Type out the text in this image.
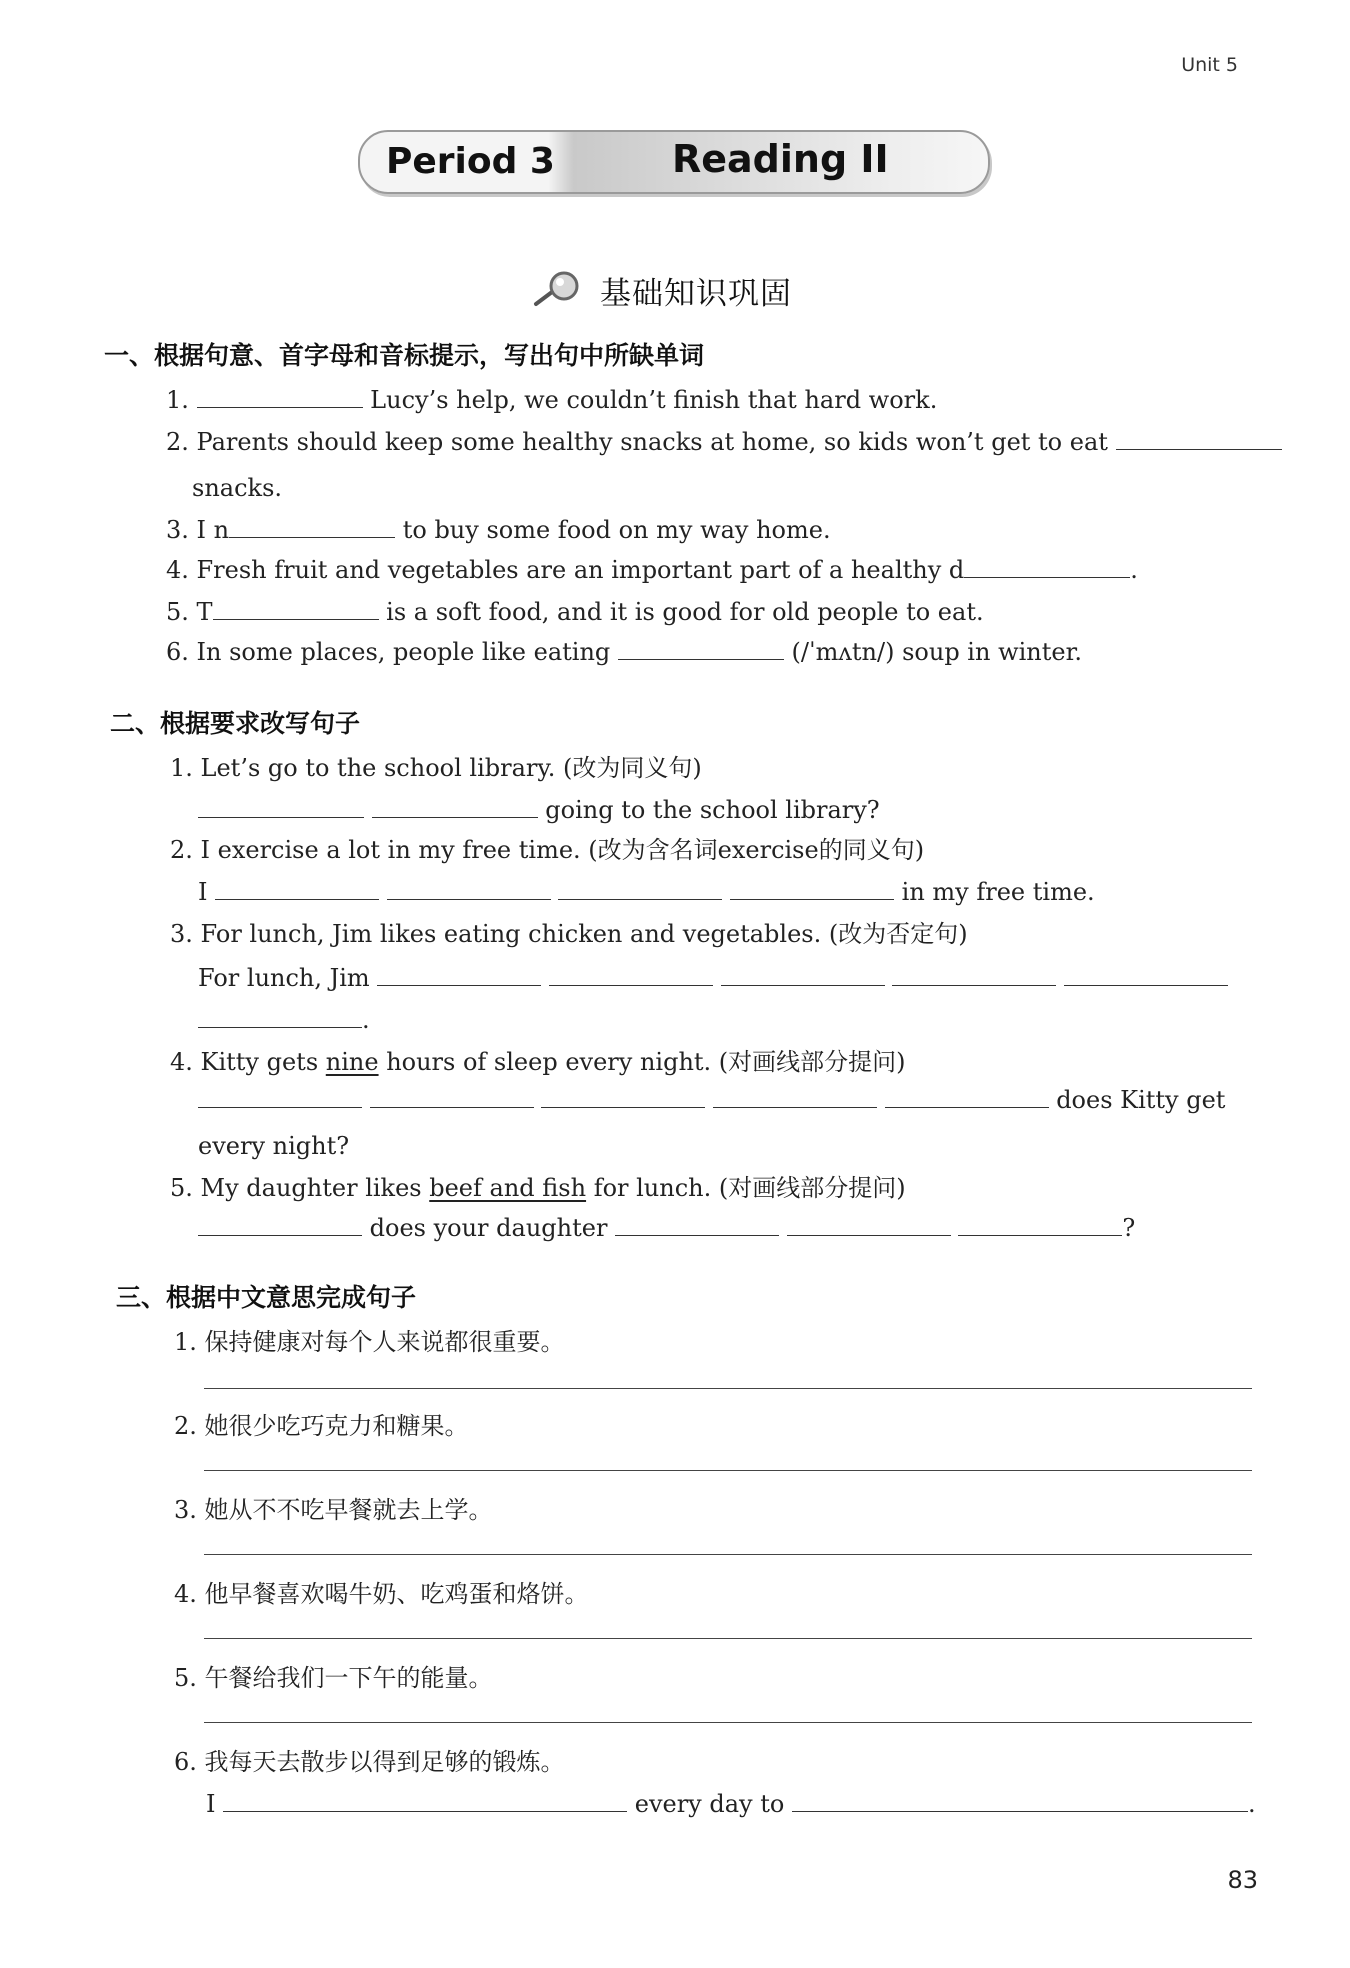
Unit 5
Period 3	Reading II
基础知识巩固
一、根据句意、首字母和音标提示，写出句中所缺单词
1.	Lucy’s help, we couldn’t finish that hard work.
2. Parents should keep some healthy snacks at home, so kids won’t get to eat
snacks.
3. I n	to buy some food on my way home.
4. Fresh fruit and vegetables are an important part of a healthy d	.
5. T	is a soft food, and it is good for old people to eat.
6. In some places, people like eating	(/ˈmʌtn/) soup in winter.
二、根据要求改写句子
1. Let’s go to the school library. (改为同义句)
going to the school library?
2. I exercise a lot in my free time. (改为含名词exercise的同义句)
I	in my free time.
3. For lunch, Jim likes eating chicken and vegetables. (改为否定句)
For lunch, Jim
.
4. Kitty gets nine hours of sleep every night. (对画线部分提问)
does Kitty get
every night?
5. My daughter likes beef and fish for lunch. (对画线部分提问)
does your daughter	?
三、根据中文意思完成句子
1. 保持健康对每个人来说都很重要。
2. 她很少吃巧克力和糖果。
3. 她从不不吃早餐就去上学。
4. 他早餐喜欢喝牛奶、吃鸡蛋和烙饼。
5. 午餐给我们一下午的能量。
6. 我每天去散步以得到足够的锻炼。
I	every day to	.
83
